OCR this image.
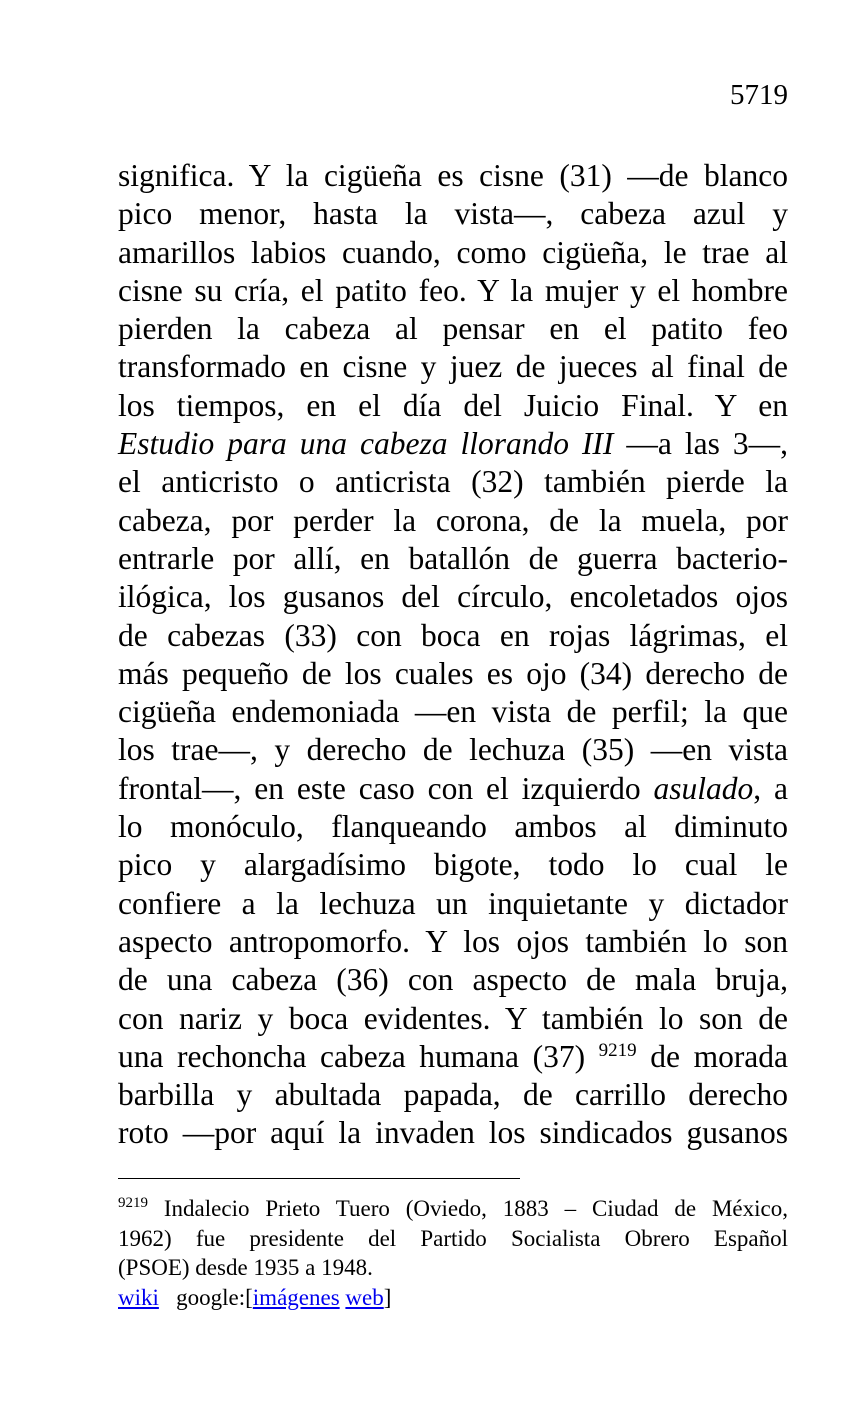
5719
significa. Y la cigüeña es cisne (31) —de blanco
pico menor, hasta la vista—, cabeza azul y
amarillos labios cuando, como cigüeña, le trae al
cisne su cría, el patito feo. Y la mujer y el hombre
pierden la cabeza al pensar en el patito feo
transformado en cisne y juez de jueces al final de
los tiempos, en el día del Juicio Final. Y en
Estudio para una cabeza llorando III —a las 3—,
el anticristo o anticrista (32) también pierde la
cabeza, por perder la corona, de la muela, por
entrarle por allí, en batallón de guerra bacterio-
ilógica, los gusanos del círculo, encoletados ojos
de cabezas (33) con boca en rojas lágrimas, el
más pequeño de los cuales es ojo (34) derecho de
cigüeña endemoniada —en vista de perfil; la que
los trae—, y derecho de lechuza (35) —en vista
frontal—, en este caso con el izquierdo asulado, a
lo monóculo, flanqueando ambos al diminuto
pico y alargadísimo bigote, todo lo cual le
confiere a la lechuza un inquietante y dictador
aspecto antropomorfo. Y los ojos también lo son
de una cabeza (36) con aspecto de mala bruja,
con nariz y boca evidentes. Y también lo son de
una rechoncha cabeza humana (37) $^{9219}$ de morada
barbilla y abultada papada, de carrillo derecho
roto —por aquí la invaden los sindicados gusanos
$^{9219}$ Indalecio Prieto Tuero (Oviedo, 1883 – Ciudad de México,
1962) fue presidente del Partido Socialista Obrero Español
(PSOE) desde 1935 a 1948.
wiki google:[imágenes web]
